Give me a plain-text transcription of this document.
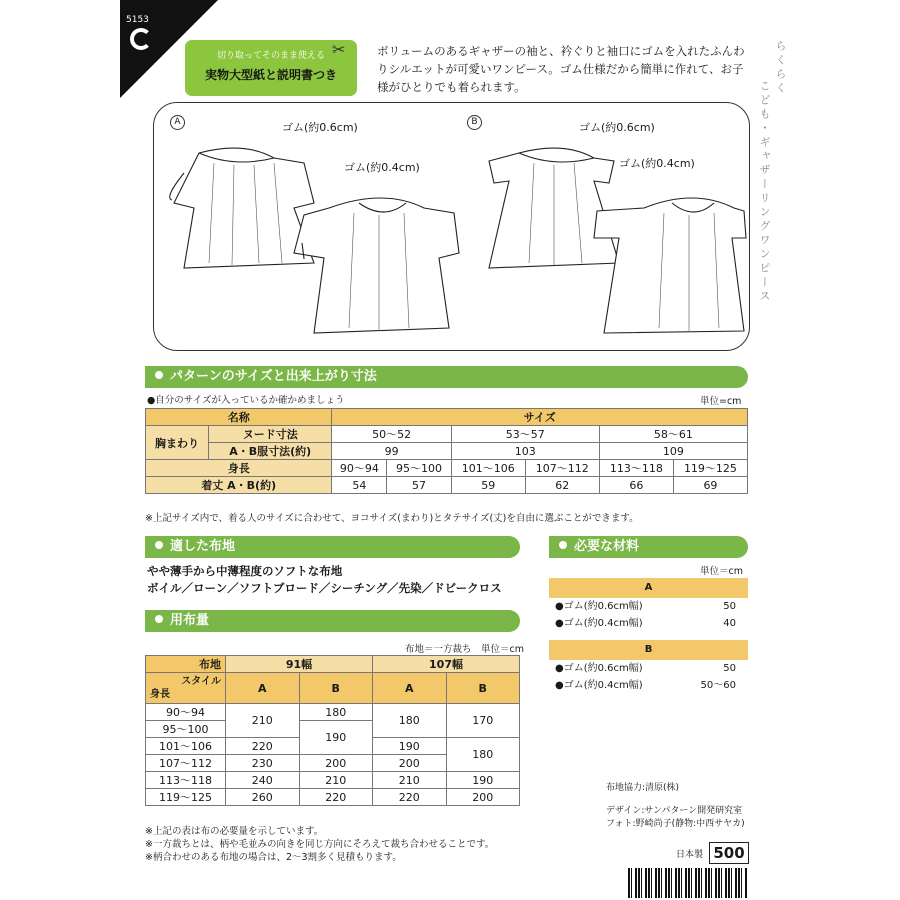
5153
切り取ってそのまま使える
実物大型紙と説明書つき
✂	ボリュームのあるギャザーの袖と、衿ぐりと袖口にゴムを入れたふんわりシルエットが可愛いワンピース。ゴム仕様だから簡単に作れて、お子様がひとりでも着られます。	らくらく
こども・ギャザーリングワンピース
A	B
ゴム(約0.6cm)
ゴム(約0.4cm)
ゴム(約0.6cm)
ゴム(約0.4cm)
パターンのサイズと出来上がり寸法
●自分のサイズが入っているか確かめましょう	単位=cm
名称		サイズ					
胸まわり	ヌード寸法	50～52		53～57		58～61	
	A・B服寸法(約)	99		103		109	
身長		90～94	95～100	101～106	107～112	113～118	119～125
着丈 A・B(約)		54	57	59	62	66	69
※上記サイズ内で、着る人のサイズに合わせて、ヨコサイズ(まわり)とタテサイズ(丈)を自由に選ぶことができます。
適した布地
やや薄手から中薄程度のソフトな布地
ボイル／ローン／ソフトブロード／シーチング／先染／ドビークロス
必要な材料
単位＝cm
A
●ゴム(約0.6cm幅)	50
●ゴム(約0.4cm幅)	40
B
●ゴム(約0.6cm幅)	50
●ゴム(約0.4cm幅)	50～60
用布量
布地＝一方裁ち　単位＝cm
布地	91幅		107幅	

スタイル
身長	A	B	A	B
90～94	210	180	180	170
95～100		190		
101～106	220		190	180
107～112	230	200	200	
113～118	240	210	210	190
119～125	260	220	220	200
※上記の表は布の必要量を示しています。
※一方裁ちとは、柄や毛並みの向きを同じ方向にそろえて裁ち合わせることです。
※柄合わせのある布地の場合は、2～3割多く見積もります。
布地協力:清原(株)
デザイン:サンパターン開発研究室
フォト:野崎尚子(静物:中西サヤカ)
日本製 500
